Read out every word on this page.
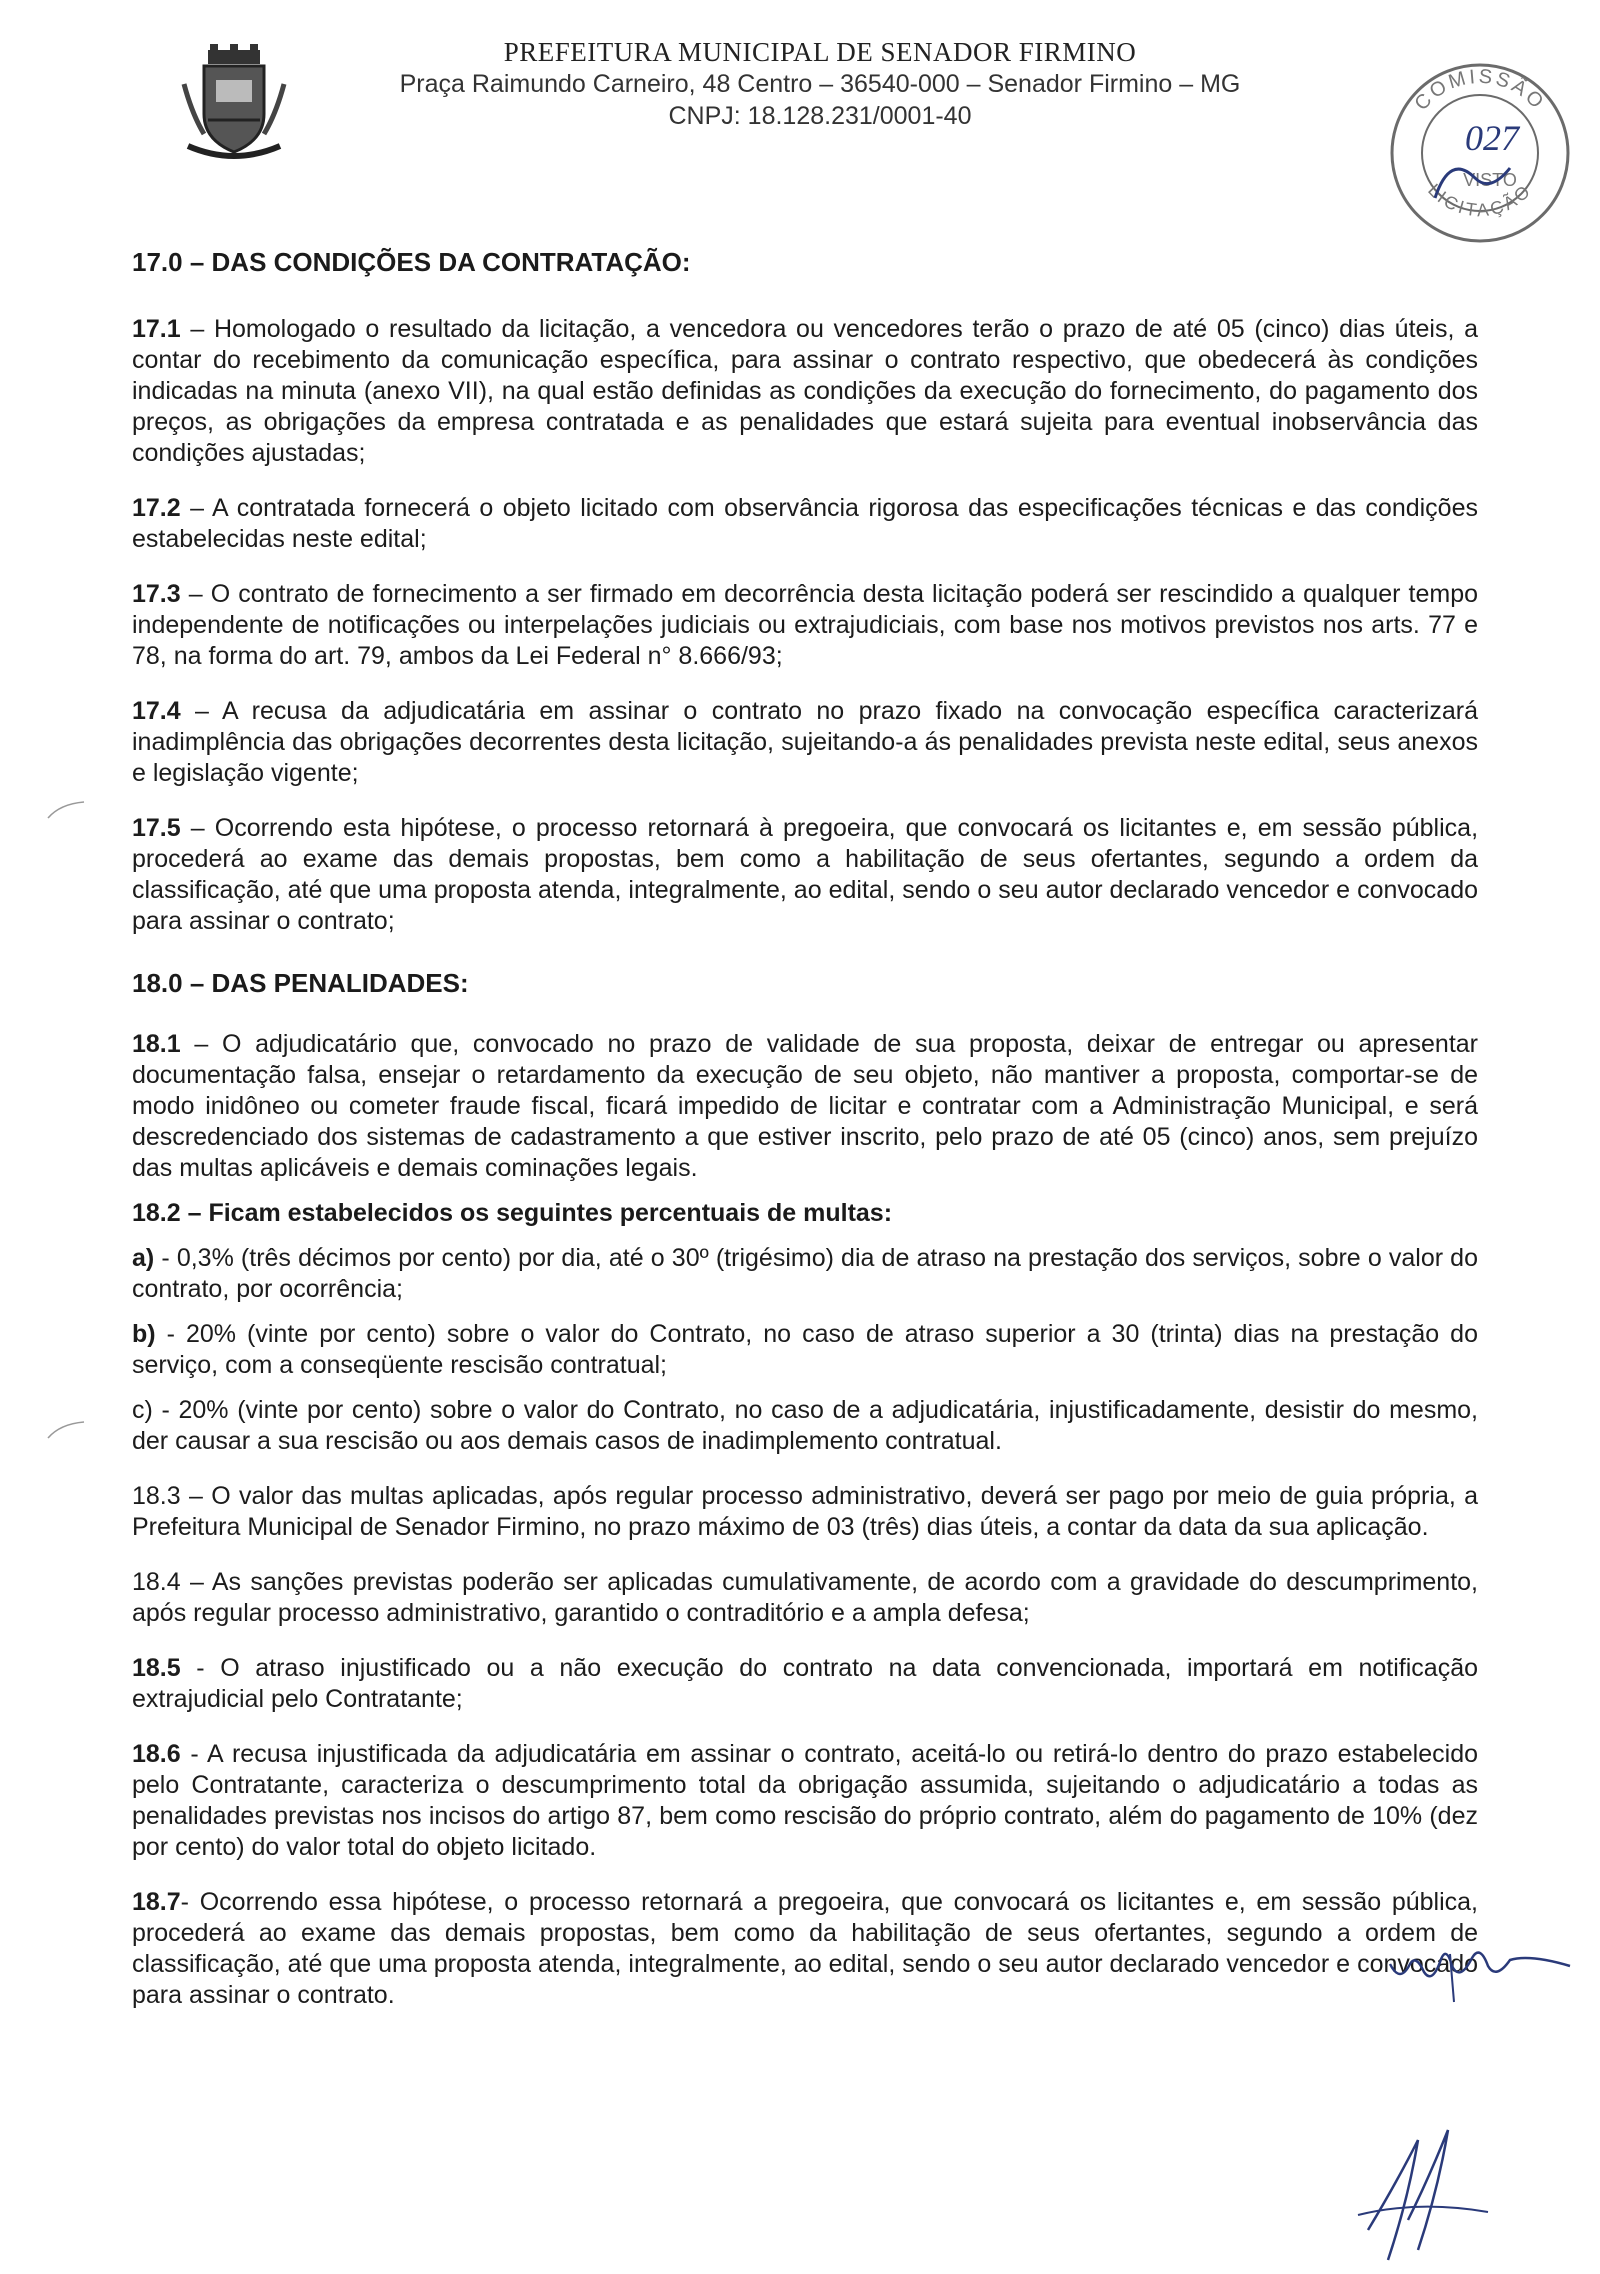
PREFEITURA MUNICIPAL DE SENADOR FIRMINO
Praça Raimundo Carneiro, 48 Centro – 36540-000 – Senador Firmino – MG
CNPJ: 18.128.231/0001-40
COMISSÃO
LICITAÇÃO
027
VISTO
17.0 – DAS CONDIÇÕES DA CONTRATAÇÃO:

17.1 – Homologado o resultado da licitação, a vencedora ou vencedores terão o prazo de até 05 (cinco) dias úteis, a contar do recebimento da comunicação específica, para assinar o contrato respectivo, que obedecerá às condições indicadas na minuta (anexo VII), na qual estão definidas as condições da execução do fornecimento, do pagamento dos preços, as obrigações da empresa contratada e as penalidades que estará sujeita para eventual inobservância das condições ajustadas;

17.2 – A contratada fornecerá o objeto licitado com observância rigorosa das especificações técnicas e das condições estabelecidas neste edital;

17.3 – O contrato de fornecimento a ser firmado em decorrência desta licitação poderá ser rescindido a qualquer tempo independente de notificações ou interpelações judiciais ou extrajudiciais, com base nos motivos previstos nos arts. 77 e 78, na forma do art. 79, ambos da Lei Federal n° 8.666/93;

17.4 – A recusa da adjudicatária em assinar o contrato no prazo fixado na convocação específica caracterizará inadimplência das obrigações decorrentes desta licitação, sujeitando-a ás penalidades prevista neste edital, seus anexos e legislação vigente;

17.5 – Ocorrendo esta hipótese, o processo retornará à pregoeira, que convocará os licitantes e, em sessão pública, procederá ao exame das demais propostas, bem como a habilitação de seus ofertantes, segundo a ordem da classificação, até que uma proposta atenda, integralmente, ao edital, sendo o seu autor declarado vencedor e convocado para assinar o contrato;

18.0 – DAS PENALIDADES:

18.1 – O adjudicatário que, convocado no prazo de validade de sua proposta, deixar de entregar ou apresentar documentação falsa, ensejar o retardamento da execução de seu objeto, não mantiver a proposta, comportar-se de modo inidôneo ou cometer fraude fiscal, ficará impedido de licitar e contratar com a Administração Municipal, e será descredenciado dos sistemas de cadastramento a que estiver inscrito, pelo prazo de até 05 (cinco) anos, sem prejuízo das multas aplicáveis e demais cominações legais.

18.2 – Ficam estabelecidos os seguintes percentuais de multas:

a) - 0,3% (três décimos por cento) por dia, até o 30º (trigésimo) dia de atraso na prestação dos serviços, sobre o valor do contrato, por ocorrência;

b) - 20% (vinte por cento) sobre o valor do Contrato, no caso de atraso superior a 30 (trinta) dias na prestação do serviço, com a conseqüente rescisão contratual;

c) - 20% (vinte por cento) sobre o valor do Contrato, no caso de a adjudicatária, injustificadamente, desistir do mesmo, der causar a sua rescisão ou aos demais casos de inadimplemento contratual.

18.3 – O valor das multas aplicadas, após regular processo administrativo, deverá ser pago por meio de guia própria, a Prefeitura Municipal de Senador Firmino, no prazo máximo de 03 (três) dias úteis, a contar da data da sua aplicação.

18.4 – As sanções previstas poderão ser aplicadas cumulativamente, de acordo com a gravidade do descumprimento, após regular processo administrativo, garantido o contraditório e a ampla defesa;

18.5 - O atraso injustificado ou a não execução do contrato na data convencionada, importará em notificação extrajudicial pelo Contratante;

18.6 - A recusa injustificada da adjudicatária em assinar o contrato, aceitá-lo ou retirá-lo dentro do prazo estabelecido pelo Contratante, caracteriza o descumprimento total da obrigação assumida, sujeitando o adjudicatário a todas as penalidades previstas nos incisos do artigo 87, bem como rescisão do próprio contrato, além do pagamento de 10% (dez por cento) do valor total do objeto licitado.

18.7- Ocorrendo essa hipótese, o processo retornará a pregoeira, que convocará os licitantes e, em sessão pública, procederá ao exame das demais propostas, bem como da habilitação de seus ofertantes, segundo a ordem de classificação, até que uma proposta atenda, integralmente, ao edital, sendo o seu autor declarado vencedor e convocado para assinar o contrato.
